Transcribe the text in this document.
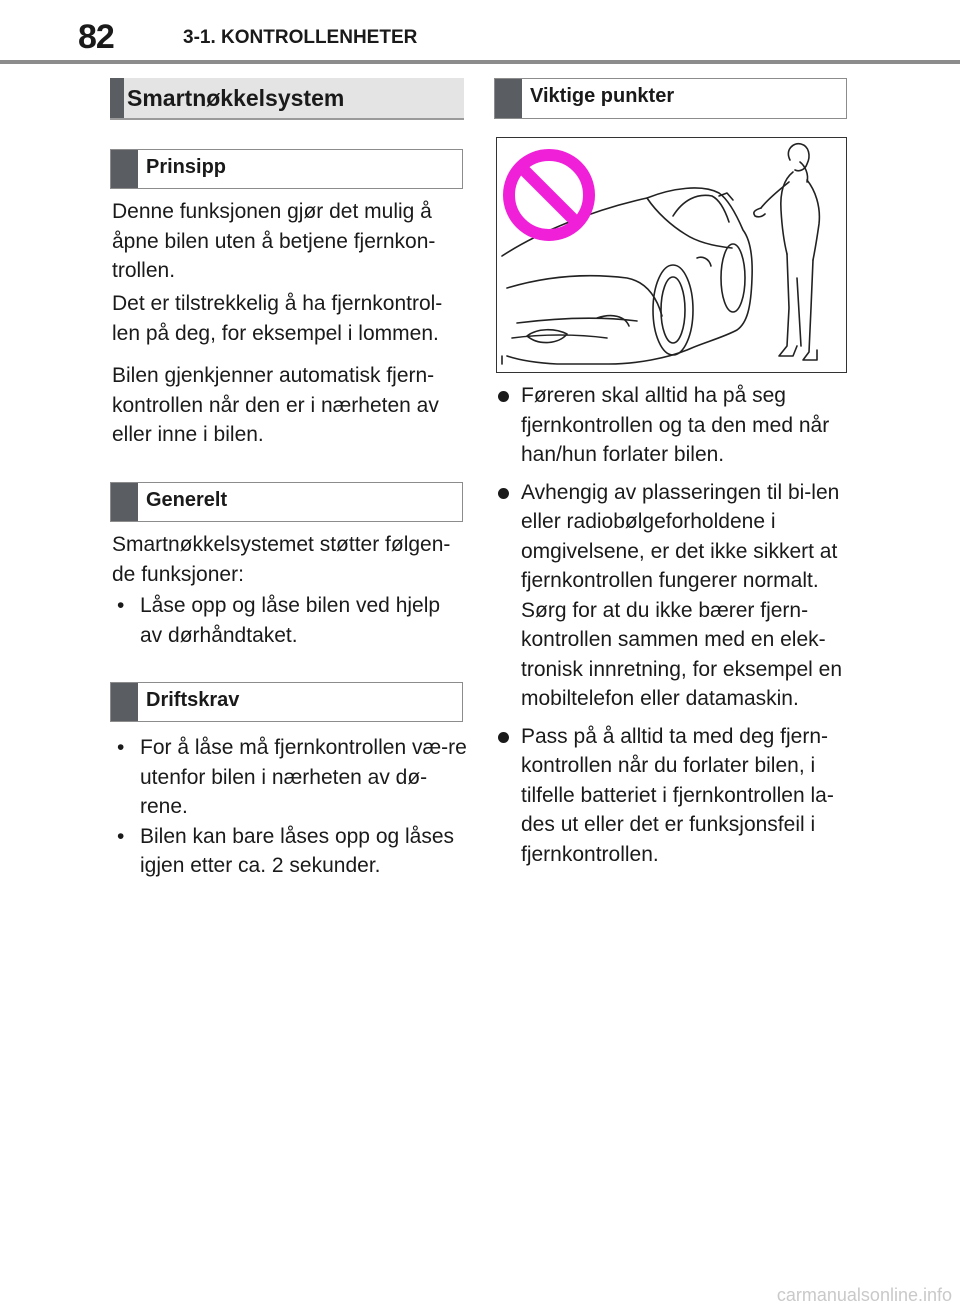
82	3-1. KONTROLLENHETER
Smartnøkkelsystem
Prinsipp
Denne funksjonen gjør det mulig å åpne bilen uten å betjene fjernkon-trollen.
Det er tilstrekkelig å ha fjernkontrol-len på deg, for eksempel i lommen.
Bilen gjenkjenner automatisk fjern-kontrollen når den er i nærheten av eller inne i bilen.
Generelt
Smartnøkkelsystemet støtter følgen-de funksjoner:
• Låse opp og låse bilen ved hjelp av dørhåndtaket.
Driftskrav
• For å låse må fjernkontrollen væ-re utenfor bilen i nærheten av dø-rene.
• Bilen kan bare låses opp og låses igjen etter ca. 2 sekunder.
Viktige punkter
Føreren skal alltid ha på seg fjernkontrollen og ta den med når han/hun forlater bilen.
Avhengig av plasseringen til bi-len eller radiobølgeforholdene i omgivelsene, er det ikke sikkert at fjernkontrollen fungerer normalt. Sørg for at du ikke bærer fjern-kontrollen sammen med en elek-tronisk innretning, for eksempel en mobiltelefon eller datamaskin.
Pass på å alltid ta med deg fjern-kontrollen når du forlater bilen, i tilfelle batteriet i fjernkontrollen la-des ut eller det er funksjonsfeil i fjernkontrollen.
carmanualsonline.info
